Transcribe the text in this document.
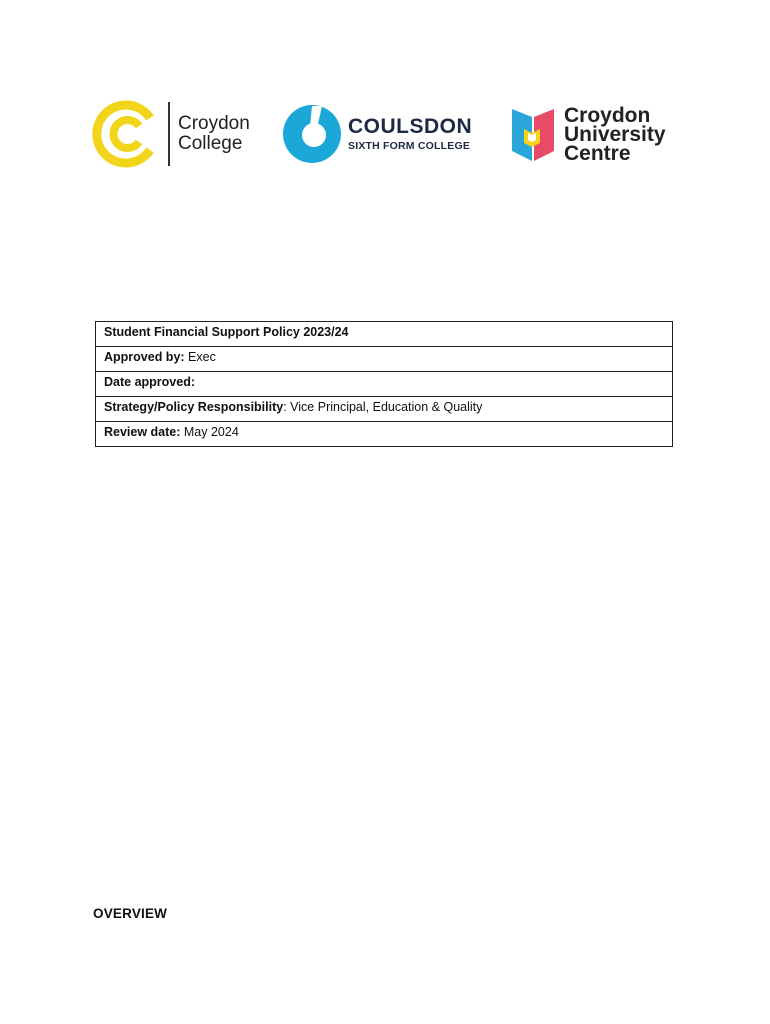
Croydon
College
COULSDON
SIXTH FORM COLLEGE
Croydon
University
Centre
Student Financial Support Policy 2023/24
Approved by: Exec
Date approved:
Strategy/Policy Responsibility: Vice Principal, Education & Quality
Review date: May 2024
OVERVIEW
